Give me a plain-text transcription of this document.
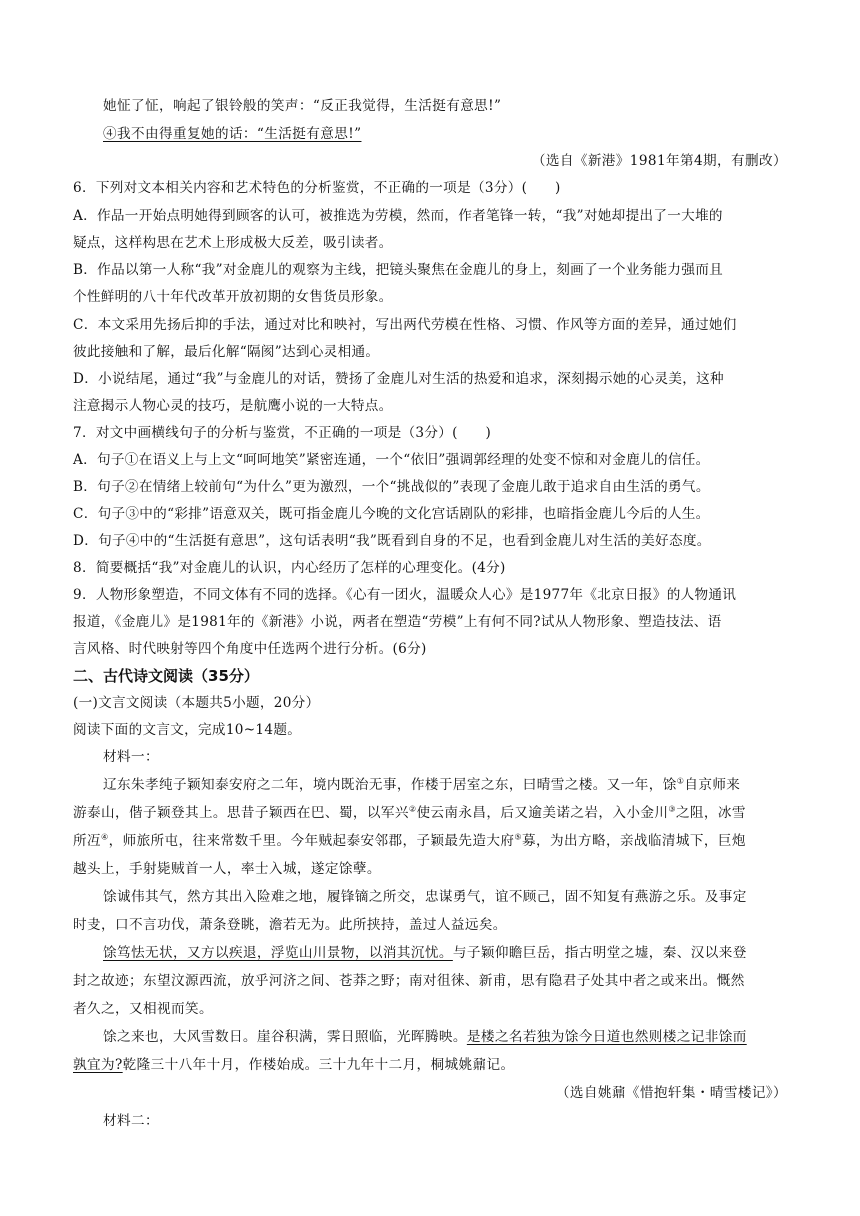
她怔了怔，响起了银铃般的笑声：“反正我觉得，生活挺有意思!”
④我不由得重复她的话：“生活挺有意思!”
（选自《新港》1981年第4期，有删改）
6．下列对文本相关内容和艺术特色的分析鉴赏，不正确的一项是（3分）(　　)
A．作品一开始点明她得到顾客的认可，被推选为劳模，然而，作者笔锋一转，“我”对她却提出了一大堆的
疑点，这样构思在艺术上形成极大反差，吸引读者。
B．作品以第一人称“我”对金鹿儿的观察为主线，把镜头聚焦在金鹿儿的身上，刻画了一个业务能力强而且
个性鲜明的八十年代改革开放初期的女售货员形象。
C．本文采用先扬后抑的手法，通过对比和映衬，写出两代劳模在性格、习惯、作风等方面的差异，通过她们
彼此接触和了解，最后化解“隔阂”达到心灵相通。
D．小说结尾，通过“我”与金鹿儿的对话，赞扬了金鹿儿对生活的热爱和追求，深刻揭示她的心灵美，这种
注意揭示人物心灵的技巧，是航鹰小说的一大特点。
7．对文中画横线句子的分析与鉴赏，不正确的一项是（3分）(　　)
A．句子①在语义上与上文“呵呵地笑”紧密连通，一个“依旧”强调郭经理的处变不惊和对金鹿儿的信任。
B．句子②在情绪上较前句“为什么”更为激烈，一个“挑战似的”表现了金鹿儿敢于追求自由生活的勇气。
C．句子③中的“彩排”语意双关，既可指金鹿儿今晚的文化宫话剧队的彩排，也暗指金鹿儿今后的人生。
D．句子④中的“生活挺有意思”，这句话表明“我”既看到自身的不足，也看到金鹿儿对生活的美好态度。
8．简要概括“我”对金鹿儿的认识，内心经历了怎样的心理变化。(4分)
9．人物形象塑造，不同文体有不同的选择。《心有一团火，温暖众人心》是1977年《北京日报》的人物通讯
报道，《金鹿儿》是1981年的《新港》小说，两者在塑造“劳模”上有何不同?试从人物形象、塑造技法、语
言风格、时代映射等四个角度中任选两个进行分析。(6分)
二、古代诗文阅读（35分）
(一)文言文阅读（本题共5小题，20分）
阅读下面的文言文，完成10~14题。
材料一：
辽东朱孝纯子颖知泰安府之二年，境内既治无事，作楼于居室之东，曰晴雪之楼。又一年，馀①自京师来
游泰山，偕子颖登其上。思昔子颖西在巴、蜀，以军兴②使云南永昌，后又逾美诺之岩，入小金川③之阻，冰雪
所冱④，师旅所屯，往来常数千里。今年贼起泰安邻郡，子颖最先造大府⑤募，为出方略，亲战临清城下，巨炮
越头上，手射毙贼首一人，率士入城，遂定馀孽。
馀诚伟其气，然方其出入险难之地，履锋镝之所交，忠谋勇气，谊不顾己，固不知复有燕游之乐。及事定
时叏，口不言功伐，萧条登眺，澹若无为。此所挟持，盖过人益远矣。
馀笃怯无状，又方以疾退，浮览山川景物，以消其沉忧。与子颖仰瞻巨岳，指古明堂之墟，秦、汉以来登
封之故迹；东望汶源西流，放乎河济之间、苍莽之野；南对徂徕、新甫，思有隐君子处其中者之或来出。慨然
者久之，又相视而笑。
馀之来也，大风雪数日。崖谷积满，霁日照临，光晖腾映。是楼之名若独为馀今日道也然则楼之记非馀而
孰宜为?乾隆三十八年十月，作楼始成。三十九年十二月，桐城姚鼐记。
（选自姚鼐《惜抱轩集・晴雪楼记》）
材料二：
